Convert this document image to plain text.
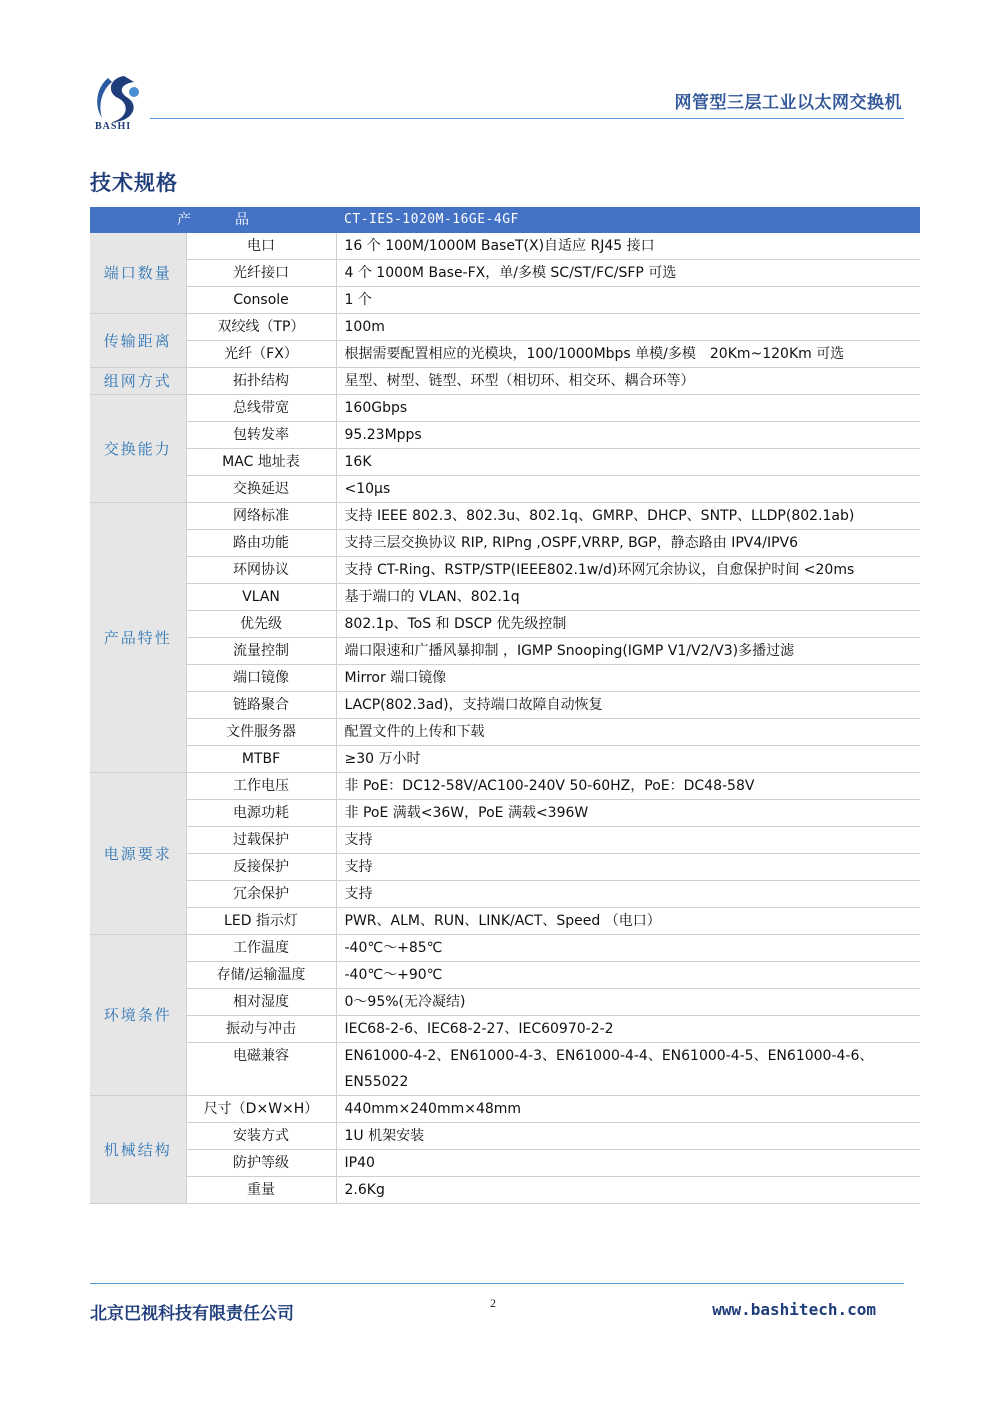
BASHI
网管型三层工业以太网交换机
技术规格
产品		CT-IES-1020M-16GE-4GF
端口数量	电口	16 个 100M/1000M BaseT(X)自适应 RJ45 接口
	光纤接口	4 个 1000M Base-FX，单/多模 SC/ST/FC/SFP 可选
	Console	1 个
传输距离	双绞线（TP）	100m
	光纤（FX）	根据需要配置相应的光模块，100/1000Mbps 单模/多模　20Km~120Km 可选
组网方式	拓扑结构	星型、树型、链型、环型（相切环、相交环、耦合环等）
交换能力	总线带宽	160Gbps
	包转发率	95.23Mpps
	MAC 地址表	16K
	交换延迟	<10μs
产品特性	网络标准	支持 IEEE 802.3、802.3u、802.1q、GMRP、DHCP、SNTP、LLDP(802.1ab)
	路由功能	支持三层交换协议 RIP, RIPng ,OSPF,VRRP, BGP，静态路由 IPV4/IPV6
	环网协议	支持 CT-Ring、RSTP/STP(IEEE802.1w/d)环网冗余协议，自愈保护时间 <20ms
	VLAN	基于端口的 VLAN、802.1q
	优先级	802.1p、ToS 和 DSCP 优先级控制
	流量控制	端口限速和广播风暴抑制 ，IGMP Snooping(IGMP V1/V2/V3)多播过滤
	端口镜像	Mirror 端口镜像
	链路聚合	LACP(802.3ad)，支持端口故障自动恢复
	文件服务器	配置文件的上传和下载
	MTBF	≥30 万小时
电源要求	工作电压	非 PoE：DC12-58V/AC100-240V 50-60HZ，PoE：DC48-58V
	电源功耗	非 PoE 满载<36W，PoE 满载<396W
	过载保护	支持
	反接保护	支持
	冗余保护	支持
	LED 指示灯	PWR、ALM、RUN、LINK/ACT、Speed （电口）
环境条件	工作温度	-40℃～+85℃
	存储/运输温度	-40℃～+90℃
	相对湿度	0～95%(无冷凝结)
	振动与冲击	IEC68-2-6、IEC68-2-27、IEC60970-2-2
	电磁兼容	EN61000-4-2、EN61000-4-3、EN61000-4-4、EN61000-4-5、EN61000-4-6、EN55022
机械结构	尺寸（D×W×H）	440mm×240mm×48mm
	安装方式	1U 机架安装
	防护等级	IP40
	重量	2.6Kg
北京巴视科技有限责任公司
2	www.bashitech.com
